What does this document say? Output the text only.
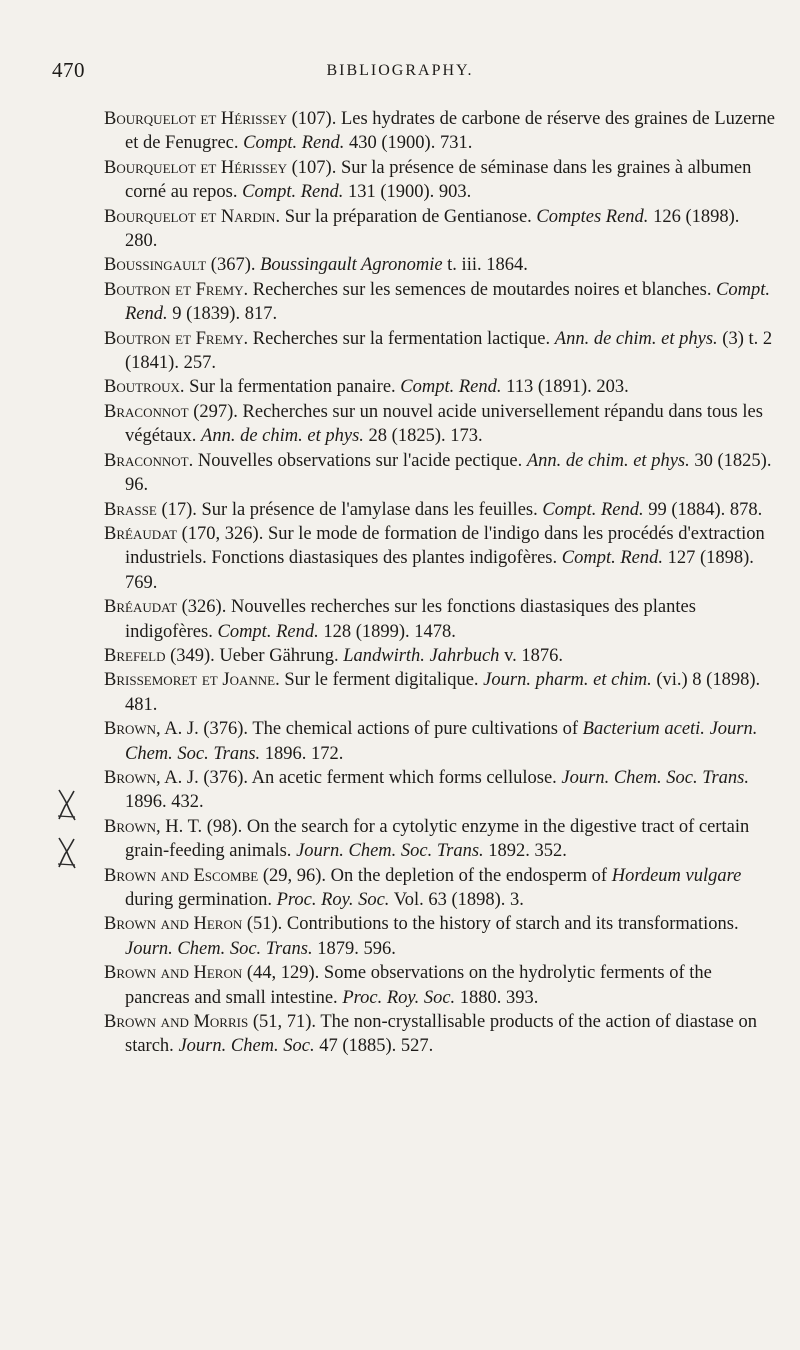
470	BIBLIOGRAPHY.

Bourquelot et Hérissey (107). Les hydrates de carbone de réserve des graines de Luzerne et de Fenugrec. Compt. Rend. 430 (1900). 731.

Bourquelot et Hérissey (107). Sur la présence de séminase dans les graines à albumen corné au repos. Compt. Rend. 131 (1900). 903.

Bourquelot et Nardin. Sur la préparation de Gentianose. Comptes Rend. 126 (1898). 280.

Boussingault (367). Boussingault Agronomie t. iii. 1864.

Boutron et Fremy. Recherches sur les semences de moutardes noires et blanches. Compt. Rend. 9 (1839). 817.

Boutron et Fremy. Recherches sur la fermentation lactique. Ann. de chim. et phys. (3) t. 2 (1841). 257.

Boutroux. Sur la fermentation panaire. Compt. Rend. 113 (1891). 203.

Braconnot (297). Recherches sur un nouvel acide universellement répandu dans tous les végétaux. Ann. de chim. et phys. 28 (1825). 173.

Braconnot. Nouvelles observations sur l'acide pectique. Ann. de chim. et phys. 30 (1825). 96.

Brasse (17). Sur la présence de l'amylase dans les feuilles. Compt. Rend. 99 (1884). 878.

Bréaudat (170, 326). Sur le mode de formation de l'indigo dans les procédés d'extraction industriels. Fonctions diastasiques des plantes indigofères. Compt. Rend. 127 (1898). 769.

Bréaudat (326). Nouvelles recherches sur les fonctions diastasiques des plantes indigofères. Compt. Rend. 128 (1899). 1478.

Brefeld (349). Ueber Gährung. Landwirth. Jahrbuch v. 1876.

Brissemoret et Joanne. Sur le ferment digitalique. Journ. pharm. et chim. (vi.) 8 (1898). 481.

Brown, A. J. (376). The chemical actions of pure cultivations of Bacterium aceti. Journ. Chem. Soc. Trans. 1896. 172.

Brown, A. J. (376). An acetic ferment which forms cellulose. Journ. Chem. Soc. Trans. 1896. 432.

Brown, H. T. (98). On the search for a cytolytic enzyme in the digestive tract of certain grain-feeding animals. Journ. Chem. Soc. Trans. 1892. 352.

Brown and Escombe (29, 96). On the depletion of the endosperm of Hordeum vulgare during germination. Proc. Roy. Soc. Vol. 63 (1898). 3.

Brown and Heron (51). Contributions to the history of starch and its transformations. Journ. Chem. Soc. Trans. 1879. 596.

Brown and Heron (44, 129). Some observations on the hydrolytic ferments of the pancreas and small intestine. Proc. Roy. Soc. 1880. 393.

Brown and Morris (51, 71). The non-crystallisable products of the action of diastase on starch. Journ. Chem. Soc. 47 (1885). 527.
